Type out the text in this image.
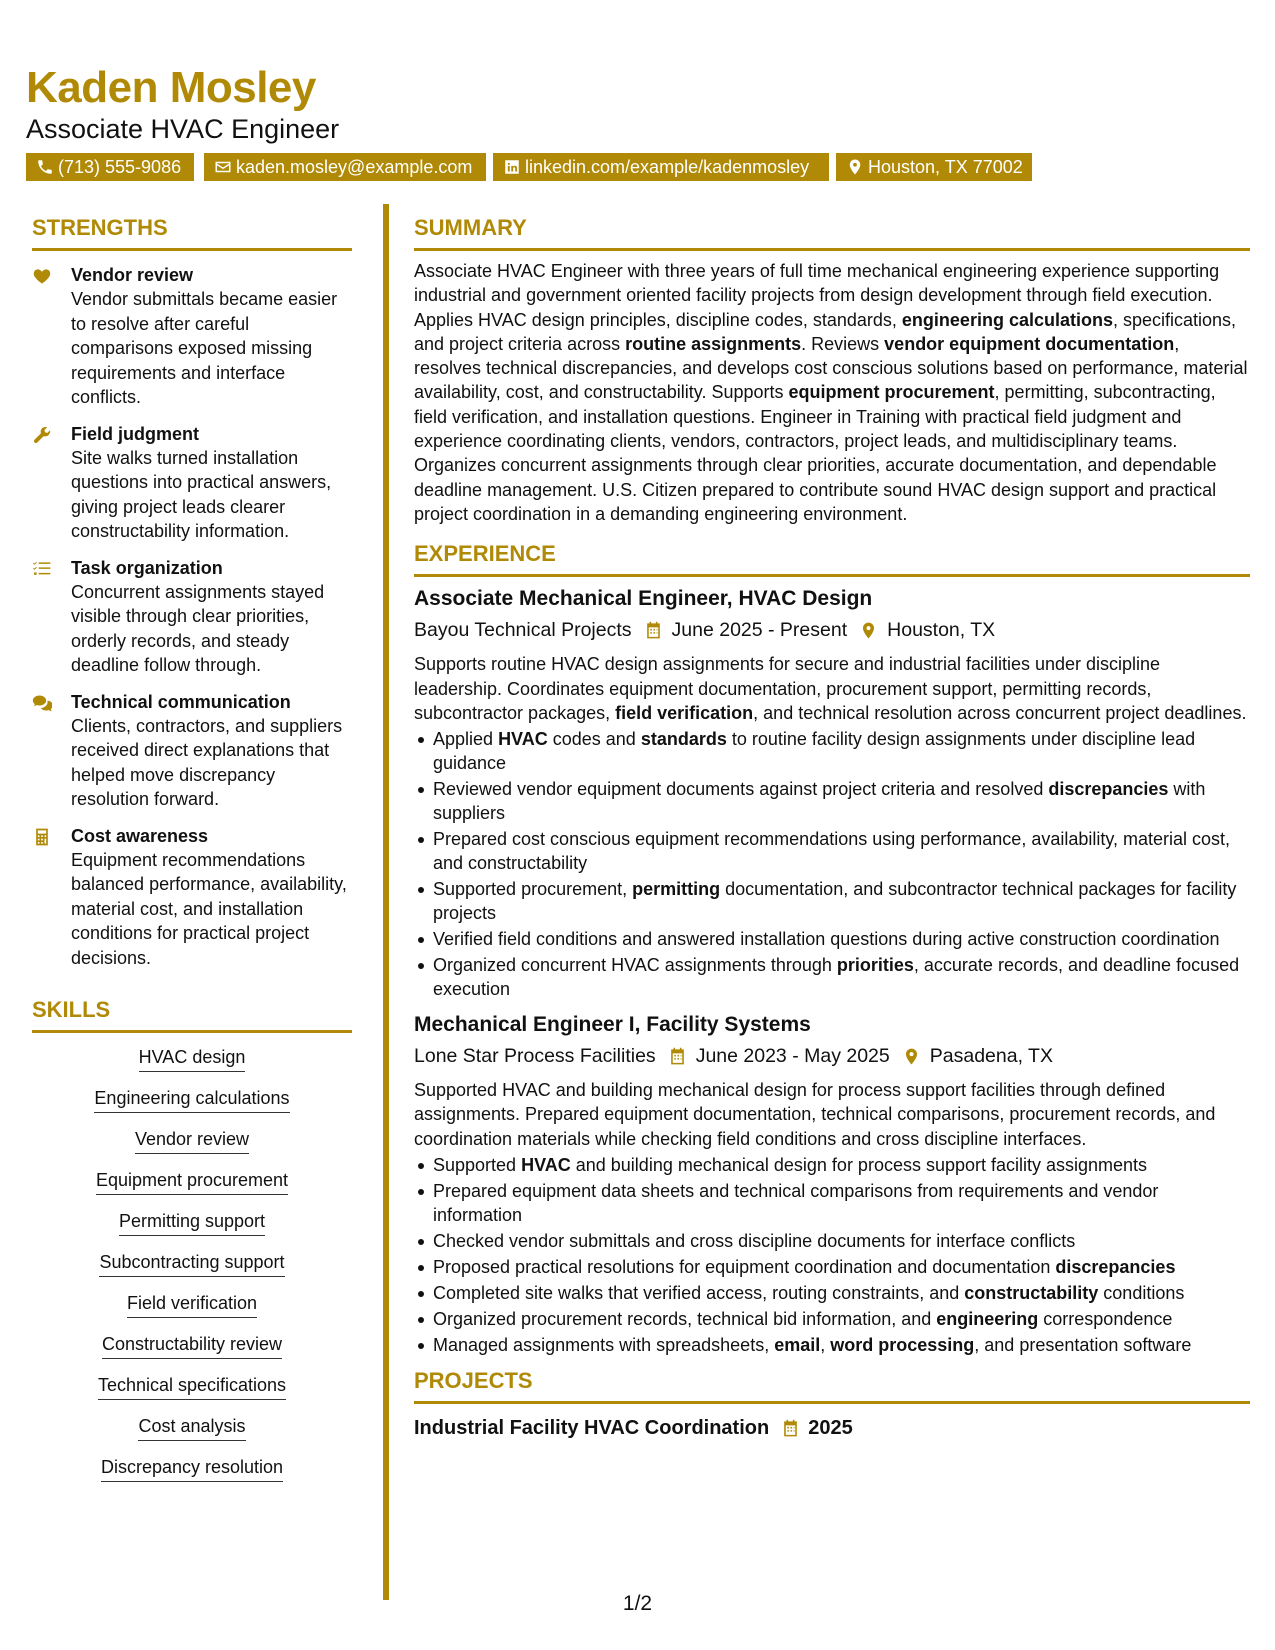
Kaden Mosley
Associate HVAC Engineer
(713) 555-9086	kaden.mosley@example.com	linkedin.com/example/kadenmosley	Houston, TX 77002
STRENGTHS
Vendor review
Vendor submittals became easier to resolve after careful comparisons exposed missing requirements and interface conflicts.
Field judgment
Site walks turned installation questions into practical answers, giving project leads clearer constructability information.
Task organization
Concurrent assignments stayed visible through clear priorities, orderly records, and steady deadline follow through.
Technical communication
Clients, contractors, and suppliers received direct explanations that helped move discrepancy resolution forward.
Cost awareness
Equipment recommendations balanced performance, availability, material cost, and installation conditions for practical project decisions.
SKILLS
HVAC design
Engineering calculations
Vendor review
Equipment procurement
Permitting support
Subcontracting support
Field verification
Constructability review
Technical specifications
Cost analysis
Discrepancy resolution
SUMMARY
Associate HVAC Engineer with three years of full time mechanical engineering experience supporting industrial and government oriented facility projects from design development through field execution. Applies HVAC design principles, discipline codes, standards, engineering calculations, specifications, and project criteria across routine assignments. Reviews vendor equipment documentation, resolves technical discrepancies, and develops cost conscious solutions based on performance, material availability, cost, and constructability. Supports equipment procurement, permitting, subcontracting, field verification, and installation questions. Engineer in Training with practical field judgment and experience coordinating clients, vendors, contractors, project leads, and multidisciplinary teams. Organizes concurrent assignments through clear priorities, accurate documentation, and dependable deadline management. U.S. Citizen prepared to contribute sound HVAC design support and practical project coordination in a demanding engineering environment.
EXPERIENCE
Associate Mechanical Engineer, HVAC Design
Bayou Technical Projects June 2025 - Present Houston, TX
Supports routine HVAC design assignments for secure and industrial facilities under discipline leadership. Coordinates equipment documentation, procurement support, permitting records, subcontractor packages, field verification, and technical resolution across concurrent project deadlines.
Applied HVAC codes and standards to routine facility design assignments under discipline lead guidance
Reviewed vendor equipment documents against project criteria and resolved discrepancies with suppliers
Prepared cost conscious equipment recommendations using performance, availability, material cost, and constructability
Supported procurement, permitting documentation, and subcontractor technical packages for facility projects
Verified field conditions and answered installation questions during active construction coordination
Organized concurrent HVAC assignments through priorities, accurate records, and deadline focused execution
Mechanical Engineer I, Facility Systems
Lone Star Process Facilities June 2023 - May 2025 Pasadena, TX
Supported HVAC and building mechanical design for process support facilities through defined assignments. Prepared equipment documentation, technical comparisons, procurement records, and coordination materials while checking field conditions and cross discipline interfaces.
Supported HVAC and building mechanical design for process support facility assignments
Prepared equipment data sheets and technical comparisons from requirements and vendor information
Checked vendor submittals and cross discipline documents for interface conflicts
Proposed practical resolutions for equipment coordination and documentation discrepancies
Completed site walks that verified access, routing constraints, and constructability conditions
Organized procurement records, technical bid information, and engineering correspondence
Managed assignments with spreadsheets, email, word processing, and presentation software
PROJECTS
Industrial Facility HVAC Coordination 2025
1/2
